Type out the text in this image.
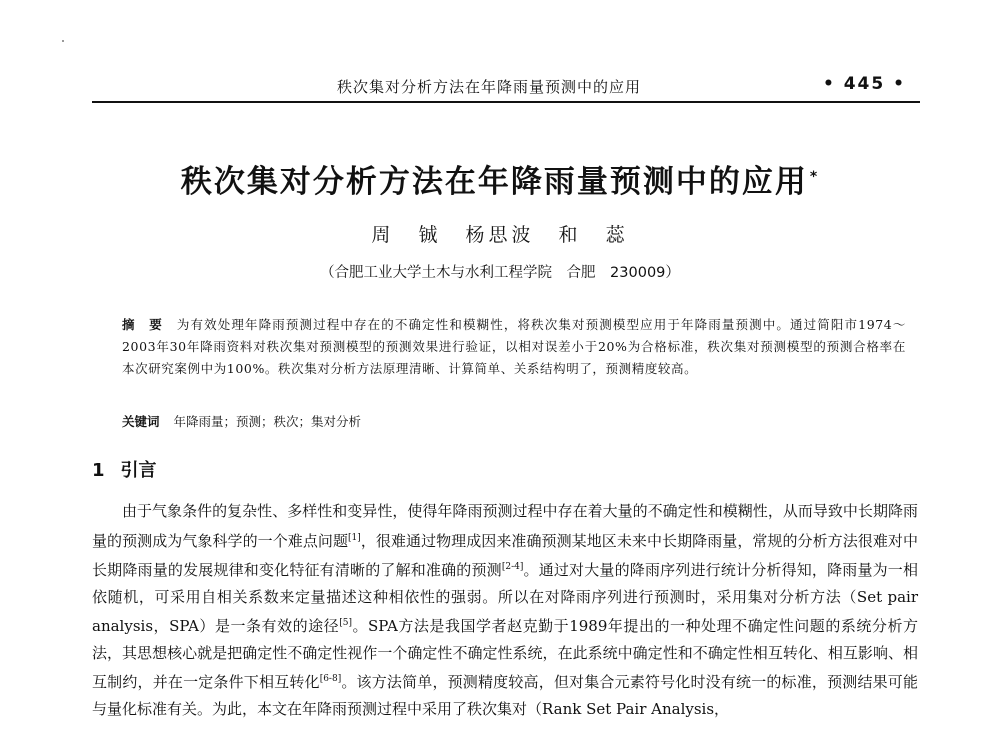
秩次集对分析方法在年降雨量预测中的应用	• 445 •
秩次集对分析方法在年降雨量预测中的应用 *
周 铖 杨思波 和 蕊
（合肥工业大学土木与水利工程学院　合肥　230009）
摘　要 为有效处理年降雨预测过程中存在的不确定性和模糊性，将秩次集对预测模型应用于年降雨量预测中。通过简阳市1974～2003年30年降雨资料对秩次集对预测模型的预测效果进行验证，以相对误差小于20%为合格标准，秩次集对预测模型的预测合格率在本次研究案例中为100%。秩次集对分析方法原理清晰、计算简单、关系结构明了，预测精度较高。
关键词 年降雨量；预测；秩次；集对分析
1 引言

由于气象条件的复杂性、多样性和变异性，使得年降雨预测过程中存在着大量的不确定性和模糊性，从而导致中长期降雨量的预测成为气象科学的一个难点问题[1]，很难通过物理成因来准确预测某地区未来中长期降雨量，常规的分析方法很难对中长期降雨量的发展规律和变化特征有清晰的了解和准确的预测[2-4]。通过对大量的降雨序列进行统计分析得知，降雨量为一相依随机，可采用自相关系数来定量描述这种相依性的强弱。所以在对降雨序列进行预测时，采用集对分析方法（Set pair analysis，SPA）是一条有效的途径[5]。SPA方法是我国学者赵克勤于1989年提出的一种处理不确定性问题的系统分析方法，其思想核心就是把确定性不确定性视作一个确定性不确定性系统，在此系统中确定性和不确定性相互转化、相互影响、相互制约，并在一定条件下相互转化[6-8]。该方法简单，预测精度较高，但对集合元素符号化时没有统一的标准，预测结果可能与量化标准有关。为此，本文在年降雨预测过程中采用了秩次集对（Rank Set Pair Analysis，
